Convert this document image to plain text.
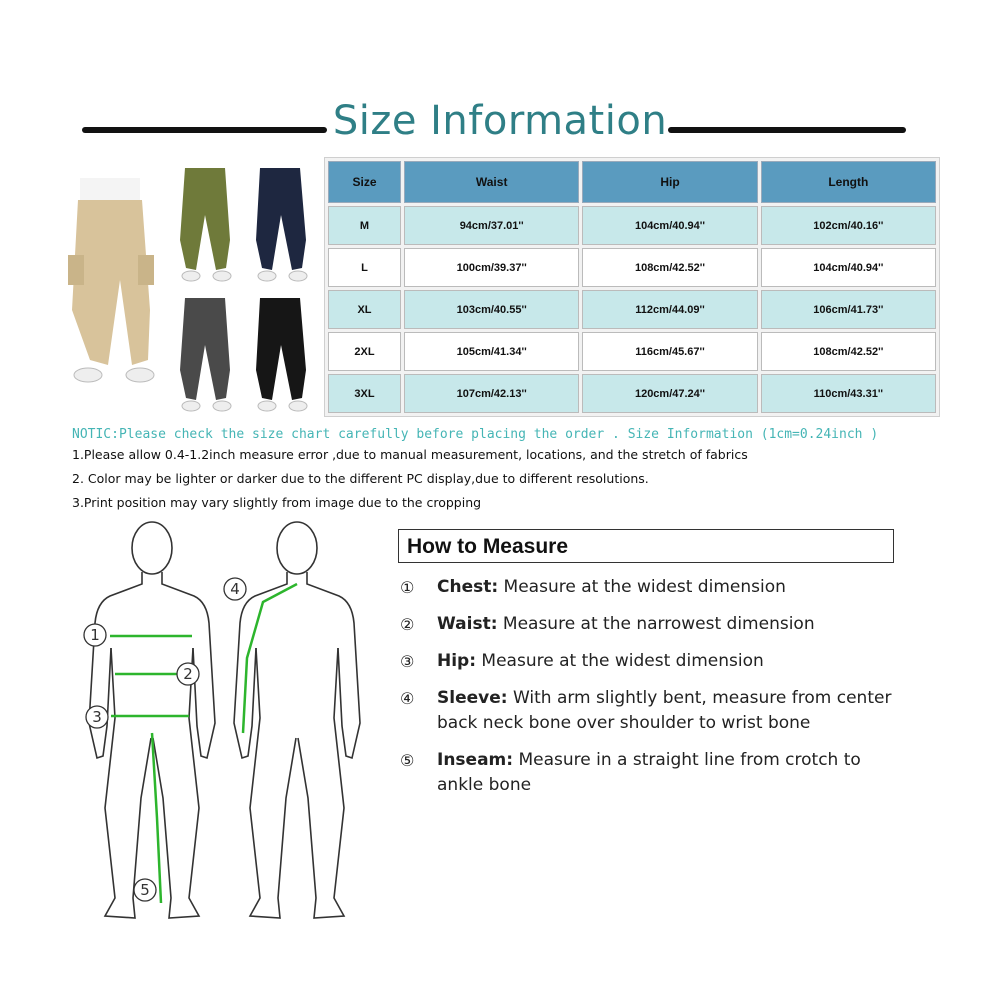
Size Information
Size	Waist	Hip	Length
M	94cm/37.01''	104cm/40.94''	102cm/40.16''
L	100cm/39.37''	108cm/42.52''	104cm/40.94''
XL	103cm/40.55''	112cm/44.09''	106cm/41.73''
2XL	105cm/41.34''	116cm/45.67''	108cm/42.52''
3XL	107cm/42.13''	120cm/47.24''	110cm/43.31''
NOTIC:Please check the size chart carefully before placing the order . Size Information (1cm=0.24inch )
1.Please allow 0.4-1.2inch measure error ,due to manual measurement, locations, and the stretch of fabrics
2. Color may be lighter or darker due to the different PC display,due to different resolutions.
3.Print position may vary slightly from image due to the cropping
1
2
3
4
5
How to Measure
①	Chest: Measure at the widest dimension
②	Waist: Measure at the narrowest dimension
③	Hip: Measure at the widest dimension
④	Sleeve: With arm slightly bent, measure from center back neck bone over shoulder to wrist bone
⑤	Inseam: Measure in a straight line from crotch to ankle bone
